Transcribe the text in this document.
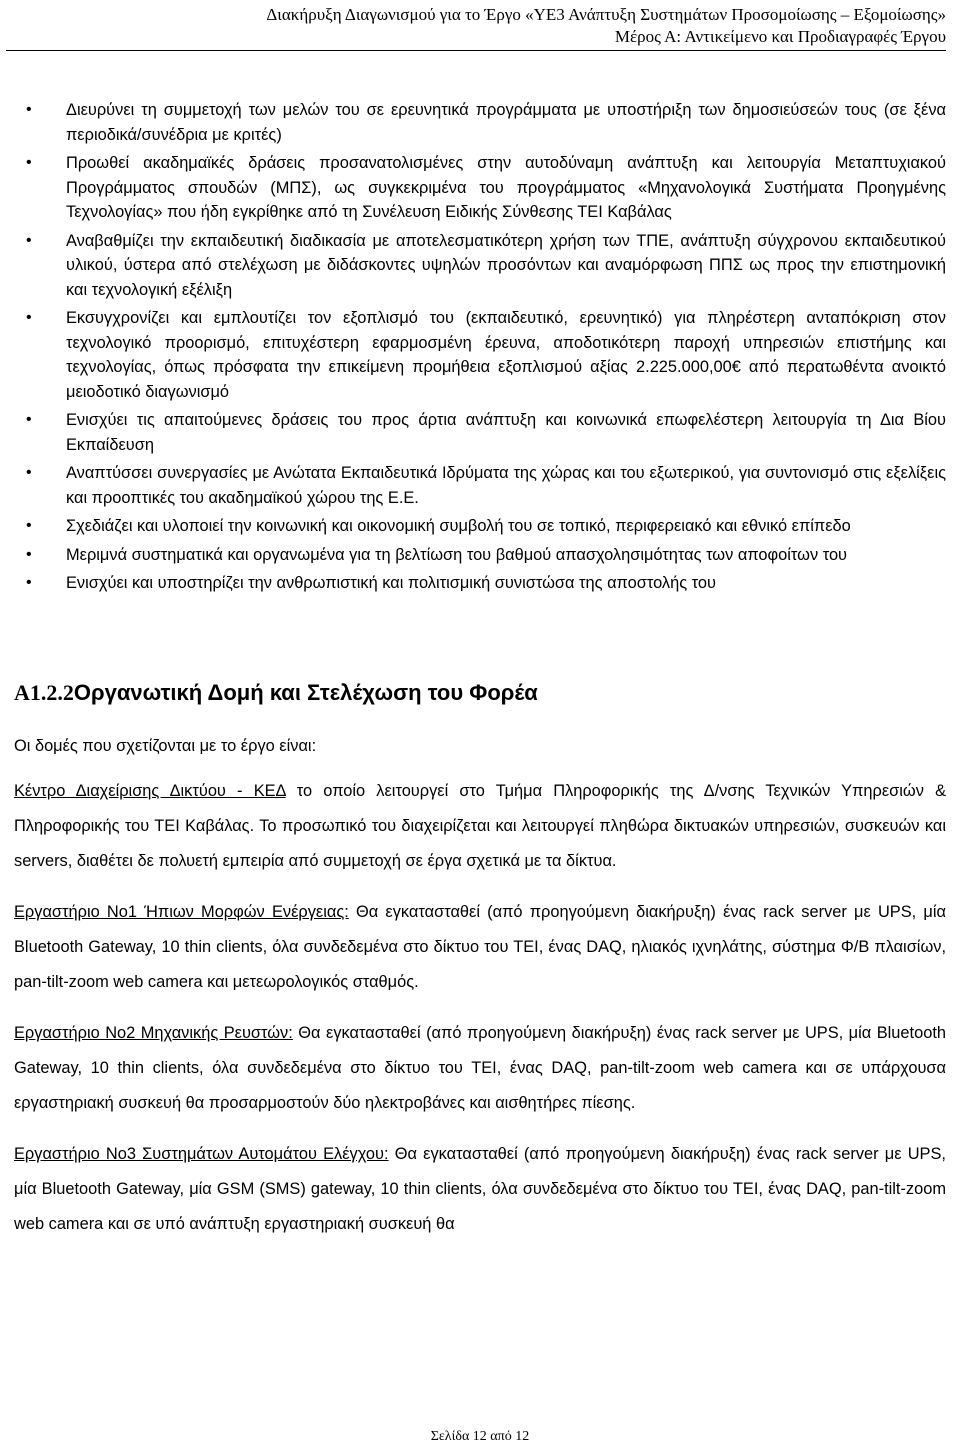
Διακήρυξη Διαγωνισμού για το Έργο «ΥΕ3 Ανάπτυξη Συστημάτων Προσομοίωσης – Εξομοίωσης»
Μέρος Α: Αντικείμενο και Προδιαγραφές Έργου
• Διευρύνει τη συμμετοχή των μελών του σε ερευνητικά προγράμματα με υποστήριξη των δημοσιεύσεών τους (σε ξένα περιοδικά/συνέδρια με κριτές)
• Προωθεί ακαδημαϊκές δράσεις προσανατολισμένες στην αυτοδύναμη ανάπτυξη και λειτουργία Μεταπτυχιακού Προγράμματος σπουδών (ΜΠΣ), ως συγκεκριμένα του προγράμματος «Μηχανολογικά Συστήματα Προηγμένης Τεχνολογίας» που ήδη εγκρίθηκε από τη Συνέλευση Ειδικής Σύνθεσης ΤΕΙ Καβάλας
• Αναβαθμίζει την εκπαιδευτική διαδικασία με αποτελεσματικότερη χρήση των ΤΠΕ, ανάπτυξη σύγχρονου εκπαιδευτικού υλικού, ύστερα από στελέχωση με διδάσκοντες υψηλών προσόντων και αναμόρφωση ΠΠΣ ως προς την επιστημονική και τεχνολογική εξέλιξη
• Εκσυγχρονίζει και εμπλουτίζει τον εξοπλισμό του (εκπαιδευτικό, ερευνητικό) για πληρέστερη ανταπόκριση στον τεχνολογικό προορισμό, επιτυχέστερη εφαρμοσμένη έρευνα, αποδοτικότερη παροχή υπηρεσιών επιστήμης και τεχνολογίας, όπως πρόσφατα την επικείμενη προμήθεια εξοπλισμού αξίας 2.225.000,00€ από περατωθέντα ανοικτό μειοδοτικό διαγωνισμό
• Ενισχύει τις απαιτούμενες δράσεις του προς άρτια ανάπτυξη και κοινωνικά επωφελέστερη λειτουργία τη Δια Βίου Εκπαίδευση
• Αναπτύσσει συνεργασίες με Ανώτατα Εκπαιδευτικά Ιδρύματα της χώρας και του εξωτερικού, για συντονισμό στις εξελίξεις και προοπτικές του ακαδημαϊκού χώρου της Ε.Ε.
• Σχεδιάζει και υλοποιεί την κοινωνική και οικονομική συμβολή του σε τοπικό, περιφερειακό και εθνικό επίπεδο
• Μεριμνά συστηματικά και οργανωμένα για τη βελτίωση του βαθμού απασχολησιμότητας των αποφοίτων του
• Ενισχύει και υποστηρίζει την ανθρωπιστική και πολιτισμική συνιστώσα της αποστολής του
Α1.2.2Οργανωτική Δομή και Στελέχωση του Φορέα
Οι δομές που σχετίζονται με το έργο είναι:
Κέντρο Διαχείρισης Δικτύου - ΚΕΔ το οποίο λειτουργεί στο Τμήμα Πληροφορικής της Δ/νσης Τεχνικών Υπηρεσιών & Πληροφορικής του ΤΕΙ Καβάλας. Το προσωπικό του διαχειρίζεται και λειτουργεί πληθώρα δικτυακών υπηρεσιών, συσκευών και servers, διαθέτει δε πολυετή εμπειρία από συμμετοχή σε έργα σχετικά με τα δίκτυα.
Εργαστήριο Νο1 Ήπιων Μορφών Ενέργειας: Θα εγκατασταθεί (από προηγούμενη διακήρυξη) ένας rack server με UPS, μία Bluetooth Gateway, 10 thin clients, όλα συνδεδεμένα στο δίκτυο του ΤΕΙ, ένας DAQ, ηλιακός ιχνηλάτης, σύστημα Φ/Β πλαισίων, pan-tilt-zoom web camera και μετεωρολογικός σταθμός.
Εργαστήριο Νο2 Μηχανικής Ρευστών: Θα εγκατασταθεί (από προηγούμενη διακήρυξη) ένας rack server με UPS, μία Bluetooth Gateway, 10 thin clients, όλα συνδεδεμένα στο δίκτυο του ΤΕΙ, ένας DAQ, pan-tilt-zoom web camera και σε υπάρχουσα εργαστηριακή συσκευή θα προσαρμοστούν δύο ηλεκτροβάνες και αισθητήρες πίεσης.
Εργαστήριο Νο3 Συστημάτων Αυτομάτου Ελέγχου: Θα εγκατασταθεί (από προηγούμενη διακήρυξη) ένας rack server με UPS, μία Bluetooth Gateway, μία GSM (SMS) gateway, 10 thin clients, όλα συνδεδεμένα στο δίκτυο του ΤΕΙ, ένας DAQ, pan-tilt-zoom web camera και σε υπό ανάπτυξη εργαστηριακή συσκευή θα
Σελίδα 12 από 12
